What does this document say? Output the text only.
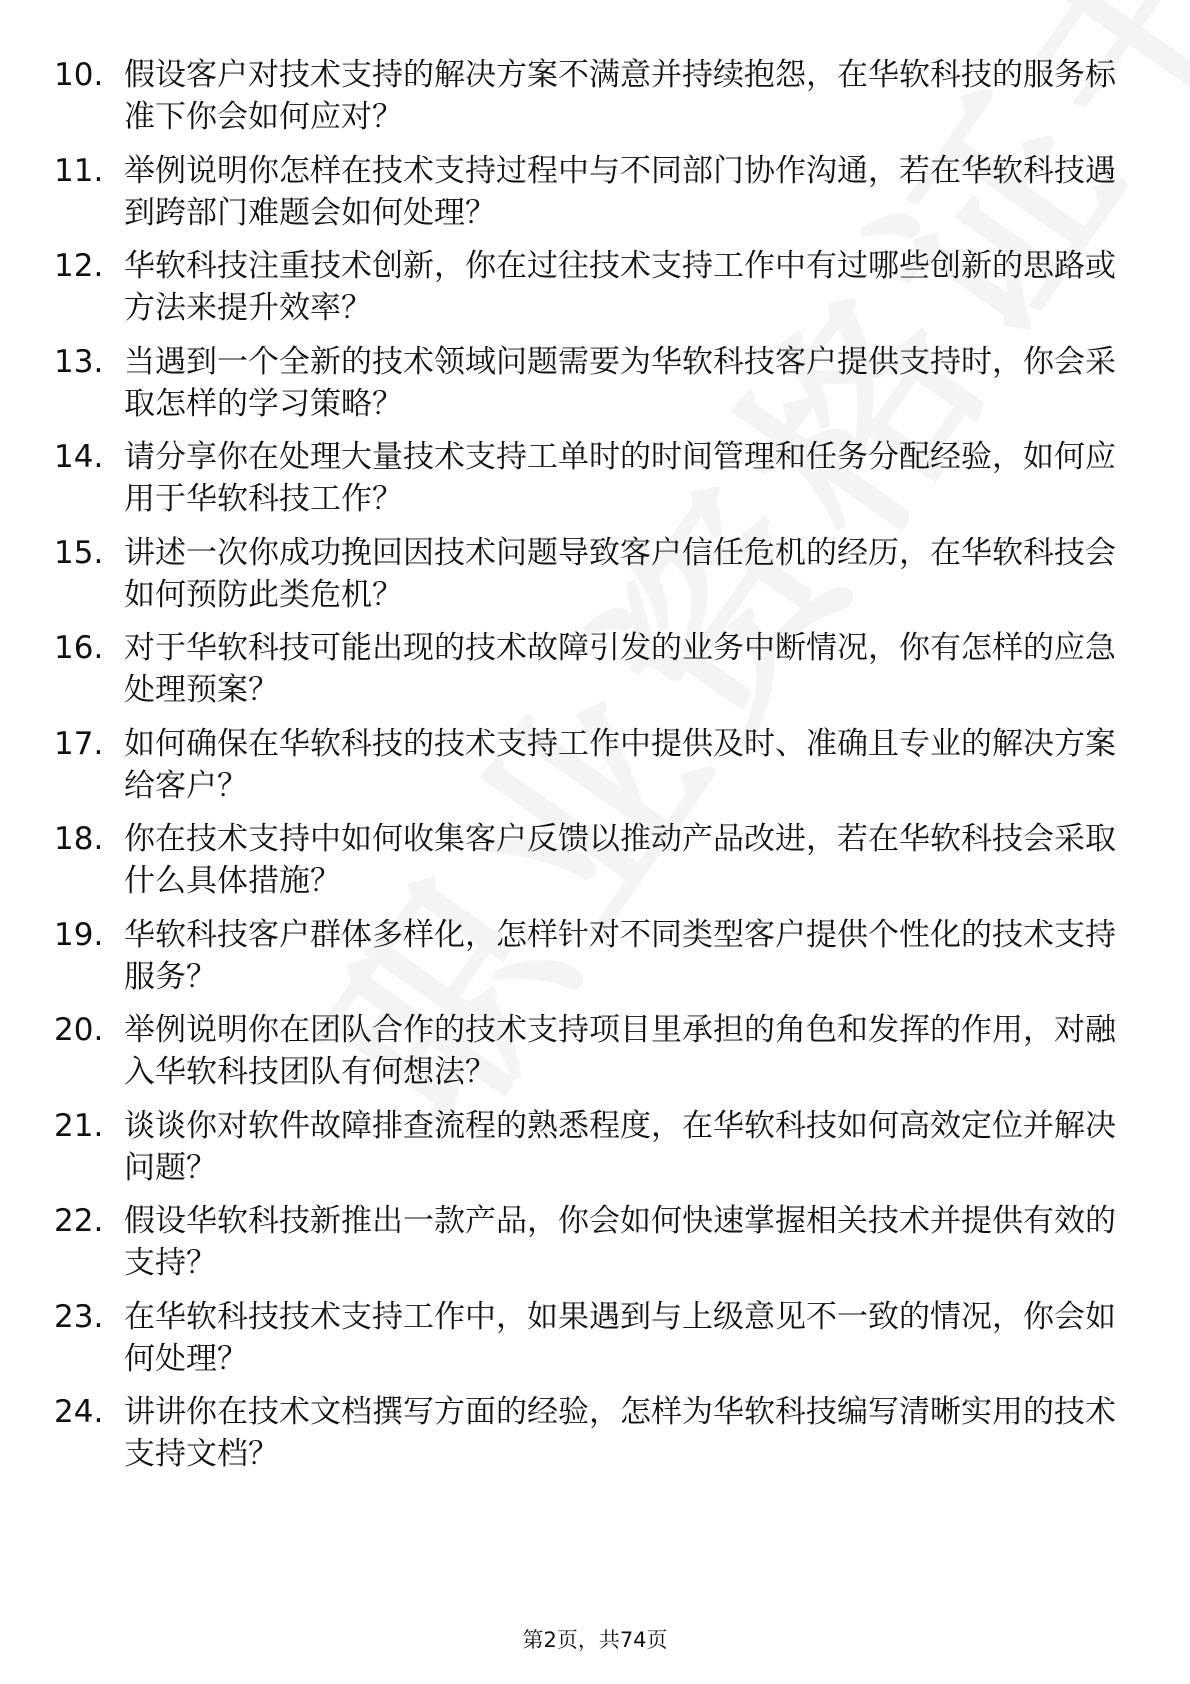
10. 假设客户对技术支持的解决方案不满意并持续抱怨，在华软科技的服务标准下你会如何应对？
11. 举例说明你怎样在技术支持过程中与不同部门协作沟通，若在华软科技遇到跨部门难题会如何处理？
12. 华软科技注重技术创新，你在过往技术支持工作中有过哪些创新的思路或方法来提升效率？
13. 当遇到一个全新的技术领域问题需要为华软科技客户提供支持时，你会采取怎样的学习策略？
14. 请分享你在处理大量技术支持工单时的时间管理和任务分配经验，如何应用于华软科技工作？
15. 讲述一次你成功挽回因技术问题导致客户信任危机的经历，在华软科技会如何预防此类危机？
16. 对于华软科技可能出现的技术故障引发的业务中断情况，你有怎样的应急处理预案？
17. 如何确保在华软科技的技术支持工作中提供及时、准确且专业的解决方案给客户？
18. 你在技术支持中如何收集客户反馈以推动产品改进，若在华软科技会采取什么具体措施？
19. 华软科技客户群体多样化，怎样针对不同类型客户提供个性化的技术支持服务？
20. 举例说明你在团队合作的技术支持项目里承担的角色和发挥的作用，对融入华软科技团队有何想法？
21. 谈谈你对软件故障排查流程的熟悉程度，在华软科技如何高效定位并解决问题？
22. 假设华软科技新推出一款产品，你会如何快速掌握相关技术并提供有效的支持？
23. 在华软科技技术支持工作中，如果遇到与上级意见不一致的情况，你会如何处理？
24. 讲讲你在技术文档撰写方面的经验，怎样为华软科技编写清晰实用的技术支持文档？
第2页，共74页
